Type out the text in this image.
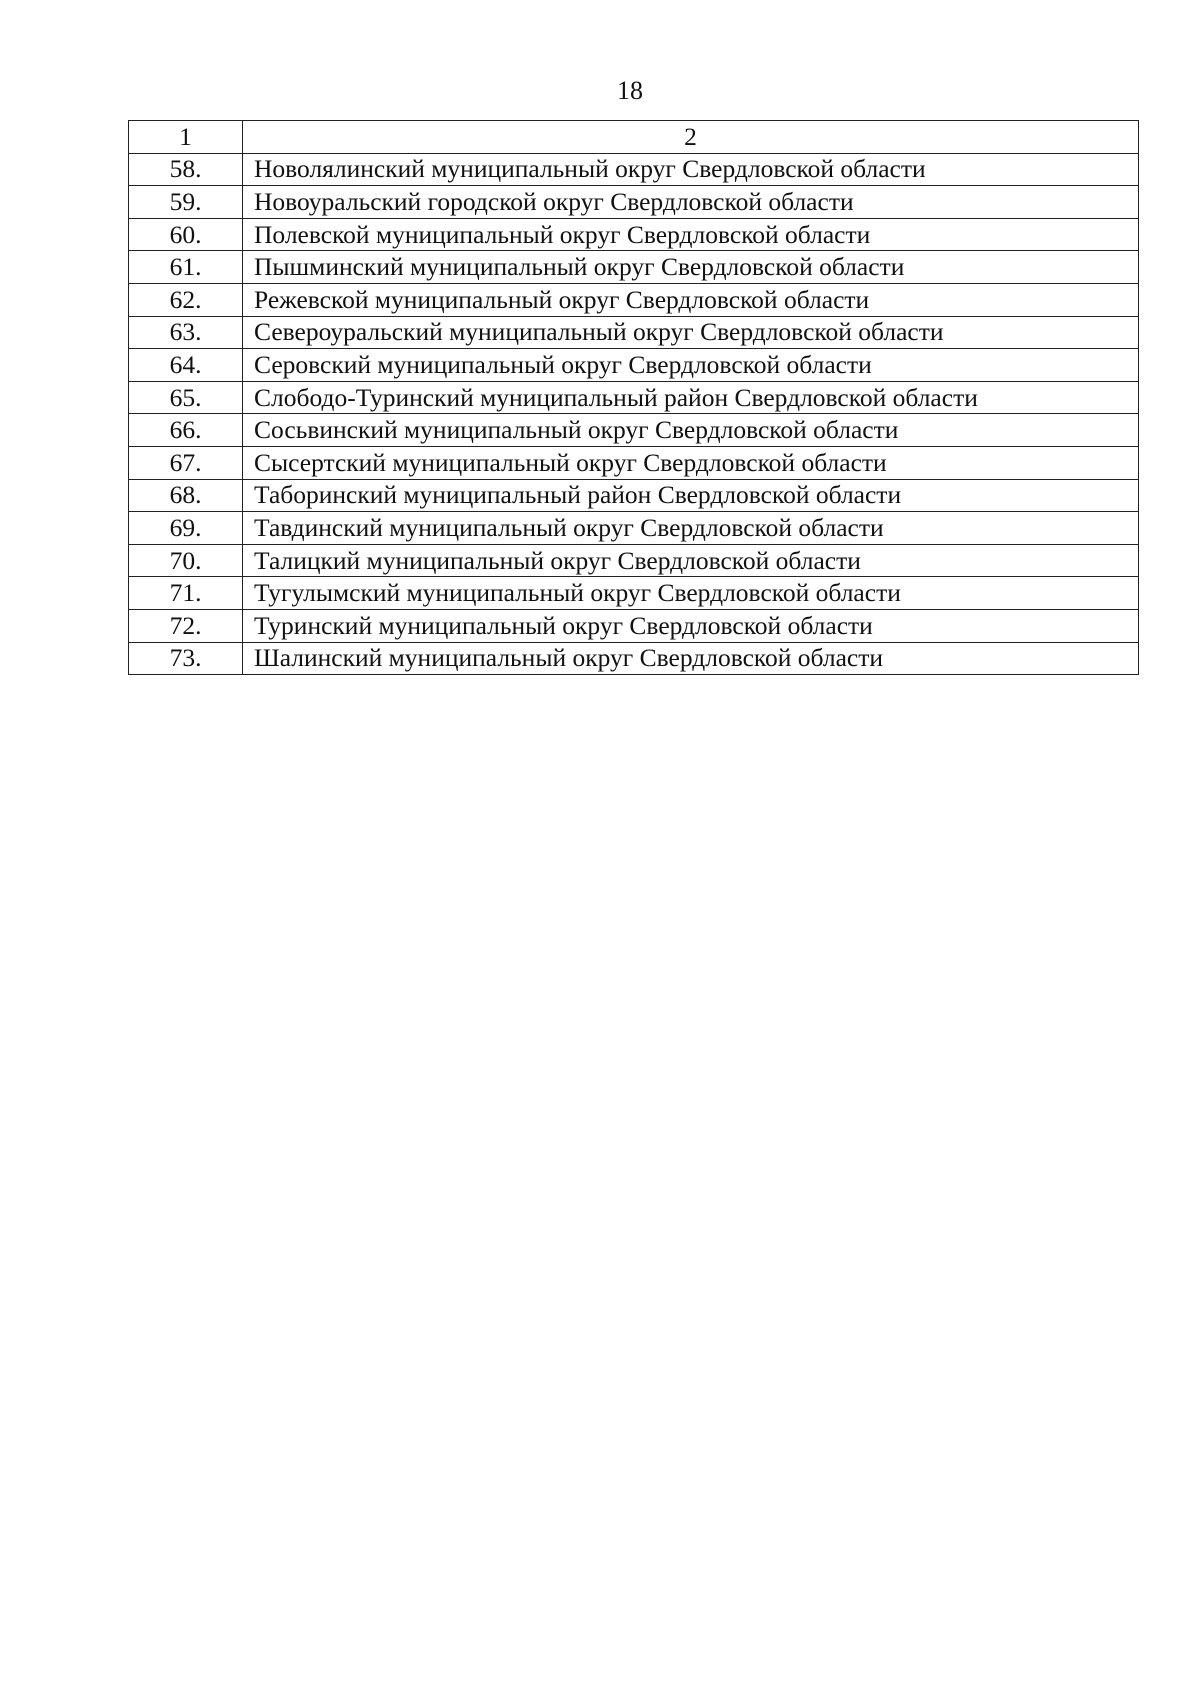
18
1	2
58.	Новолялинский муниципальный округ Свердловской области
59.	Новоуральский городской округ Свердловской области
60.	Полевской муниципальный округ Свердловской области
61.	Пышминский муниципальный округ Свердловской области
62.	Режевской муниципальный округ Свердловской области
63.	Североуральский муниципальный округ Свердловской области
64.	Серовский муниципальный округ Свердловской области
65.	Слободо-Туринский муниципальный район Свердловской области
66.	Сосьвинский муниципальный округ Свердловской области
67.	Сысертский муниципальный округ Свердловской области
68.	Таборинский муниципальный район Свердловской области
69.	Тавдинский муниципальный округ Свердловской области
70.	Талицкий муниципальный округ Свердловской области
71.	Тугулымский муниципальный округ Свердловской области
72.	Туринский муниципальный округ Свердловской области
73.	Шалинский муниципальный округ Свердловской области
